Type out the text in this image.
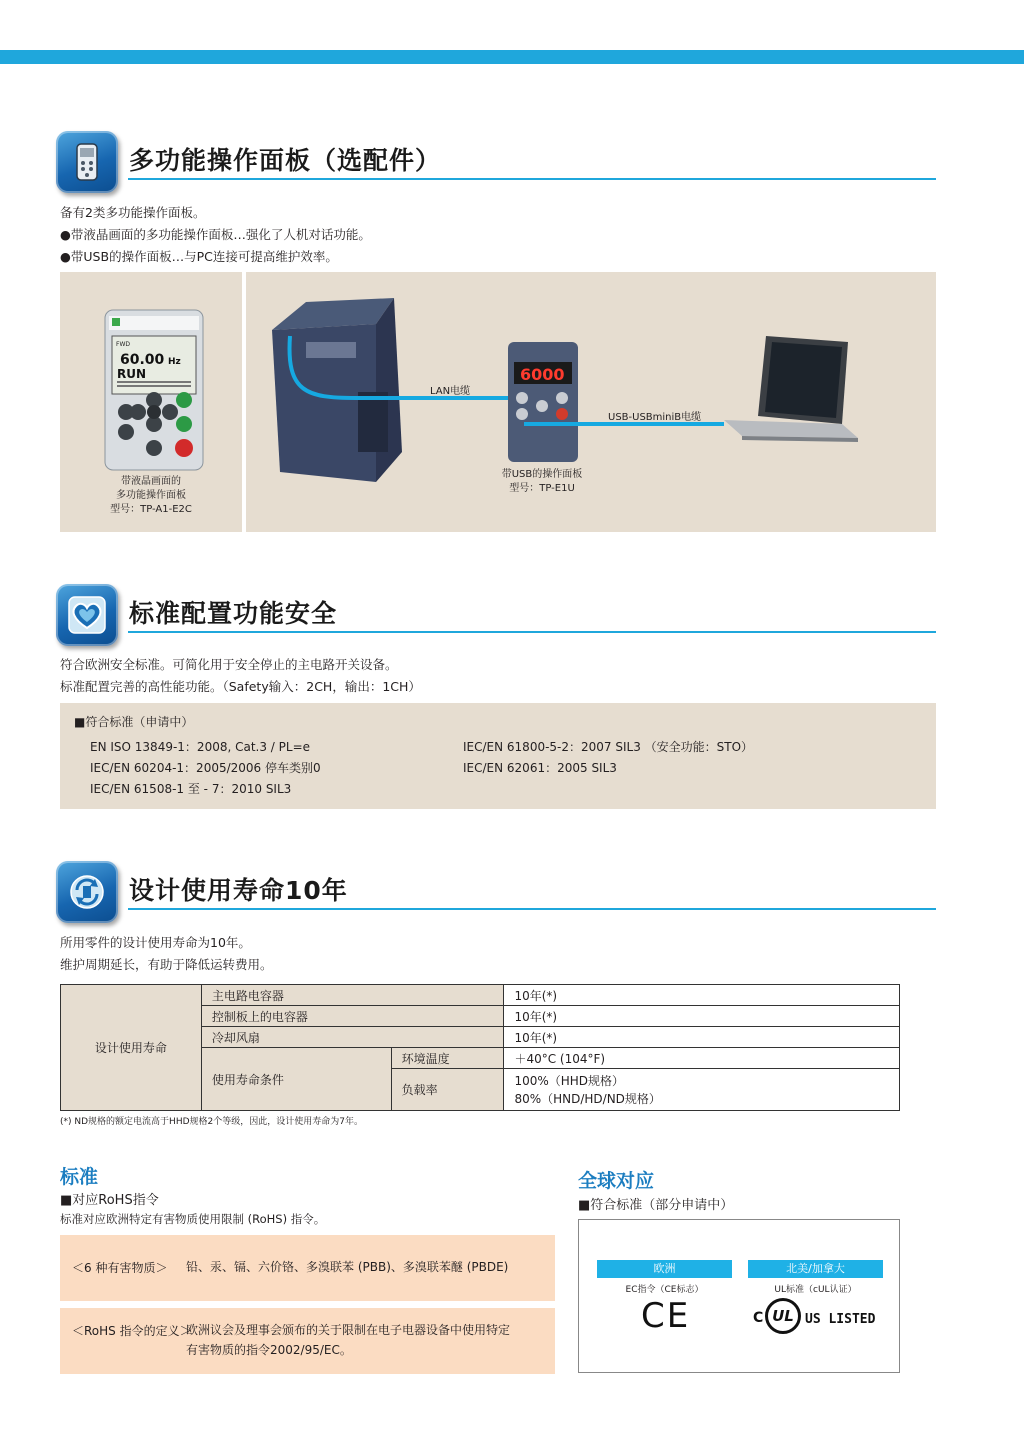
多功能操作面板（选配件）
备有2类多功能操作面板。
●带液晶画面的多功能操作面板…强化了人机对话功能。
●带USB的操作面板…与PC连接可提高维护效率。
FWD
60.00 Hz
RUN
带液晶画面的
多功能操作面板
型号：TP-A1-E2C
6000
LAN电缆
USB-USBminiB电缆
带USB的操作面板
型号：TP-E1U
标准配置功能安全
符合欧洲安全标准。可简化用于安全停止的主电路开关设备。
标准配置完善的高性能功能。（Safety输入：2CH，输出：1CH）
■符合标准（申请中）
EN ISO 13849-1：2008, Cat.3 / PL=e
IEC/EN 60204-1：2005/2006 停车类别0
IEC/EN 61508-1 至 - 7：2010 SIL3
IEC/EN 61800-5-2：2007 SIL3 （安全功能：STO）
IEC/EN 62061：2005 SIL3
设计使用寿命10年
所用零件的设计使用寿命为10年。
维护周期延长，有助于降低运转费用。
设计使用寿命	主电路电容器		10年(*)
	控制板上的电容器		10年(*)
	冷却风扇		10年(*)
	使用寿命条件	环境温度	＋40°C (104°F)
		负载率	100%（HHD规格）
			80%（HND/HD/ND规格）
(*) ND规格的额定电流高于HHD规格2个等级，因此，设计使用寿命为7年。
标准
■对应RoHS指令
标准对应欧洲特定有害物质使用限制 (RoHS) 指令。
＜6 种有害物质＞ 铅、汞、镉、六价铬、多溴联苯 (PBB)、多溴联苯醚 (PBDE)
＜RoHS 指令的定义＞
欧洲议会及理事会颁布的关于限制在电子电器设备中使用特定
有害物质的指令2002/95/EC。
全球对应
■符合标准（部分申请中）
欧洲
EC指令（CE标志）
北美/加拿大
UL标准（cUL认证）
CE	C UL US LISTED
